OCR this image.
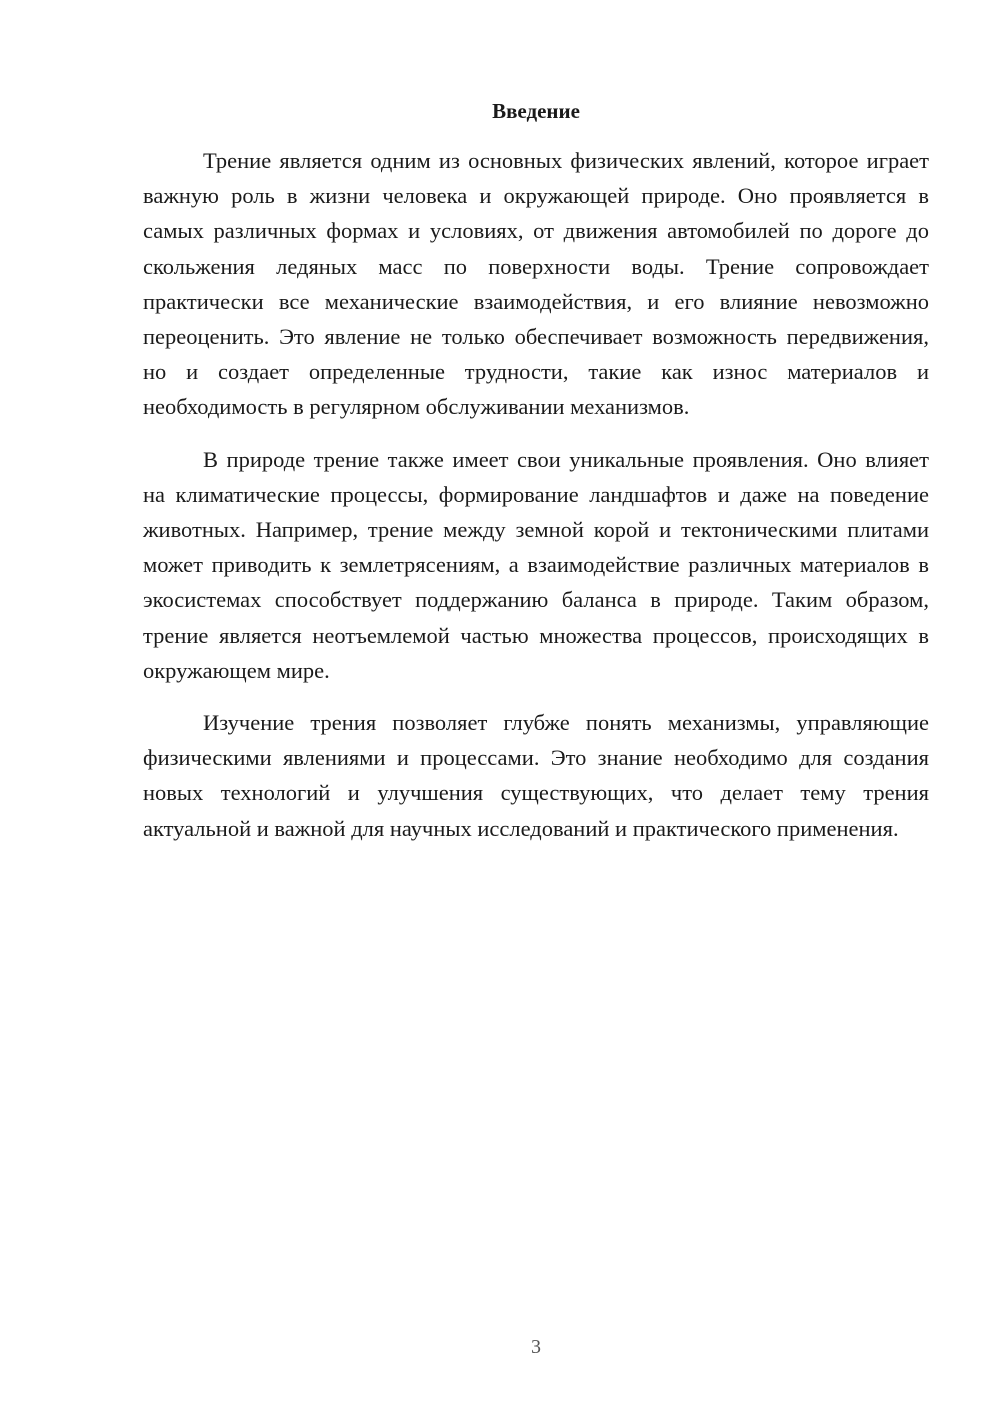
Введение

Трение является одним из основных физических явлений, которое играет важную роль в жизни человека и окружающей природе. Оно проявляется в самых различных формах и условиях, от движения автомобилей по дороге до скольжения ледяных масс по поверхности воды. Трение сопровождает практически все механические взаимодействия, и его влияние невозможно переоценить. Это явление не только обеспечивает возможность передвижения, но и создает определенные трудности, такие как износ материалов и необходимость в регулярном обслуживании механизмов.

В природе трение также имеет свои уникальные проявления. Оно влияет на климатические процессы, формирование ландшафтов и даже на поведение животных. Например, трение между земной корой и тектоническими плитами может приводить к землетрясениям, а взаимодействие различных материалов в экосистемах способствует поддержанию баланса в природе. Таким образом, трение является неотъемлемой частью множества процессов, происходящих в окружающем мире.

Изучение трения позволяет глубже понять механизмы, управляющие физическими явлениями и процессами. Это знание необходимо для создания новых технологий и улучшения существующих, что делает тему трения актуальной и важной для научных исследований и практического применения.

3
